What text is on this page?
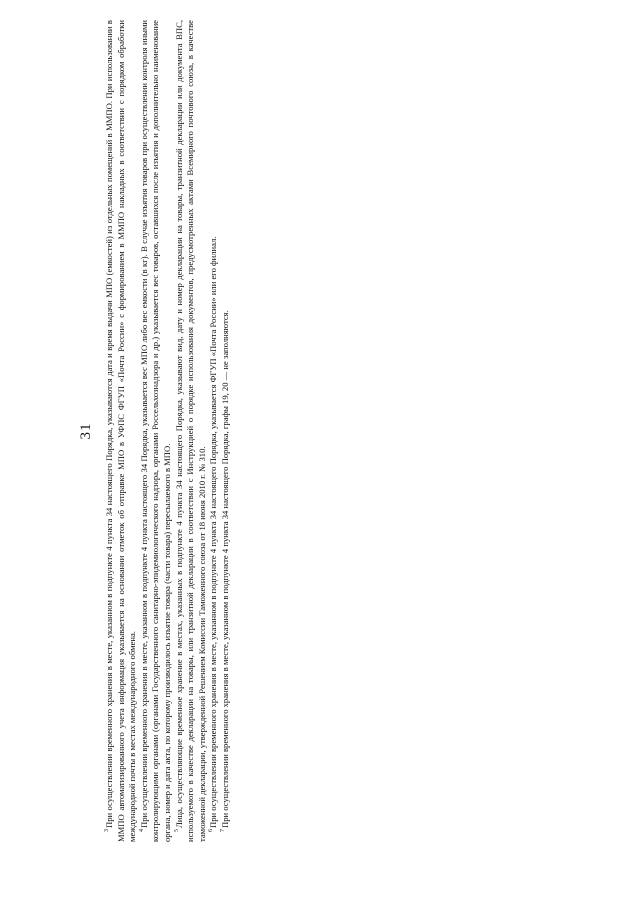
31

$^3$При осуществлении временного хранения в месте, указанном в подпункте 4 пункта 34 настоящего Порядка, указываются дата и время выдачи МПО (емкостей) из отдельных помещений в ММПО. При использовании в ММПО автоматизированного учета информация указывается на основании отметок об отправке МПО в УФПС ФГУП «Почта России» с формированием в ММПО накладных в соответствии с порядком обработки международной почты в местах международного обмена. $^4$При осуществлении временного хранения в месте, указанном в подпункте 4 пункта настоящего 34 Порядка, указывается вес МПО либо вес емкости (в кг). В случае изъятия товаров при осуществлении контроля иными контролирующими органами (органами Государственного санитарно-эпидемиологического надзора, органами Россельхознадзора и др.) указывается вес товаров, оставшихся после изъятия и дополнительно наименование органа, номер и дата акта, по которому производилось изъятие товара (части товара) пересылаемого в МПО. $^5$Лица, осуществляющие временное хранение в местах, указанных в подпункте 4 пункта 34 настоящего Порядка, указывают вид, дату и номер декларации на товары, транзитной декларации или документа ВПС, используемого в качестве декларации на товары, или транзитной декларации в соответствии с Инструкцией о порядке использования документов, предусмотренных актами Всемирного почтового союза, в качестве таможенной декларации, утвержденной Решением Комиссии Таможенного союза от 18 июня 2010 г. № 310. $^6$При осуществлении временного хранения в месте, указанном в подпункте 4 пункта 34 настоящего Порядка, указывается ФГУП «Почта России» или его филиал.

$^7$При осуществлении временного хранения в месте, указанном в подпункте 4 пункта 34 настоящего Порядка, графы 19, 20 — не заполняются.
